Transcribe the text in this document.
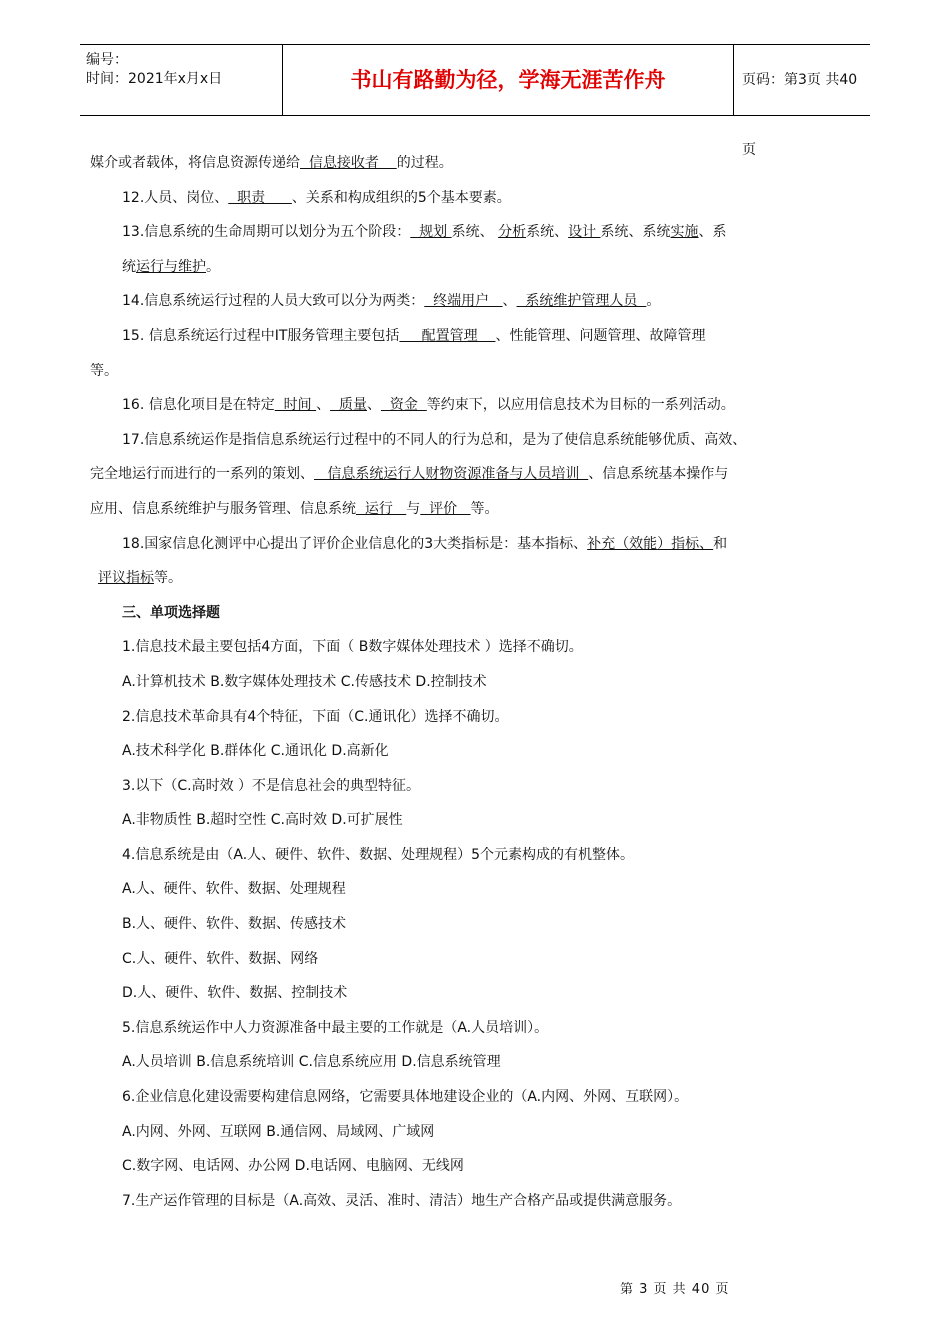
编号：
时间：2021年x月x日	书山有路勤为径，学海无涯苦作舟	页码：第3页 共40页
媒介或者载体，将信息资源传递给  信息接收者    的过程。
12.人员、岗位、  职责      、关系和构成组织的5个基本要素。
13.信息系统的生命周期可以划分为五个阶段：  规划 系统、 分析系统、设计 系统、系统实施、系
统运行与维护。
14.信息系统运行过程的人员大致可以分为两类：  终端用户   、  系统维护管理人员  。
15. 信息系统运行过程中IT服务管理主要包括     配置管理    、性能管理、问题管理、故障管理
等。
16. 信息化项目是在特定  时间 、  质量、  资金  等约束下，以应用信息技术为目标的一系列活动。
17.信息系统运作是指信息系统运行过程中的不同人的行为总和，是为了使信息系统能够优质、高效、
完全地运行而进行的一系列的策划、   信息系统运行人财物资源准备与人员培训  、信息系统基本操作与
应用、信息系统维护与服务管理、信息系统  运行   与  评价   等。
18.国家信息化测评中心提出了评价企业信息化的3大类指标是：基本指标、补充（效能）指标、和
评议指标等。
三、单项选择题
1.信息技术最主要包括4方面，下面（ B数字媒体处理技术 ）选择不确切。
A.计算机技术 B.数字媒体处理技术 C.传感技术 D.控制技术
2.信息技术革命具有4个特征，下面（C.通讯化）选择不确切。
A.技术科学化 B.群体化 C.通讯化 D.高新化
3.以下（C.高时效 ）不是信息社会的典型特征。
A.非物质性 B.超时空性 C.高时效 D.可扩展性
4.信息系统是由（A.人、硬件、软件、数据、处理规程）5个元素构成的有机整体。
A.人、硬件、软件、数据、处理规程
B.人、硬件、软件、数据、传感技术
C.人、硬件、软件、数据、网络
D.人、硬件、软件、数据、控制技术
5.信息系统运作中人力资源准备中最主要的工作就是（A.人员培训）。
A.人员培训 B.信息系统培训 C.信息系统应用 D.信息系统管理
6.企业信息化建设需要构建信息网络，它需要具体地建设企业的（A.内网、外网、互联网）。
A.内网、外网、互联网 B.通信网、局域网、广域网
C.数字网、电话网、办公网 D.电话网、电脑网、无线网
7.生产运作管理的目标是（A.高效、灵活、准时、清洁）地生产合格产品或提供满意服务。
第 3 页 共 40 页
